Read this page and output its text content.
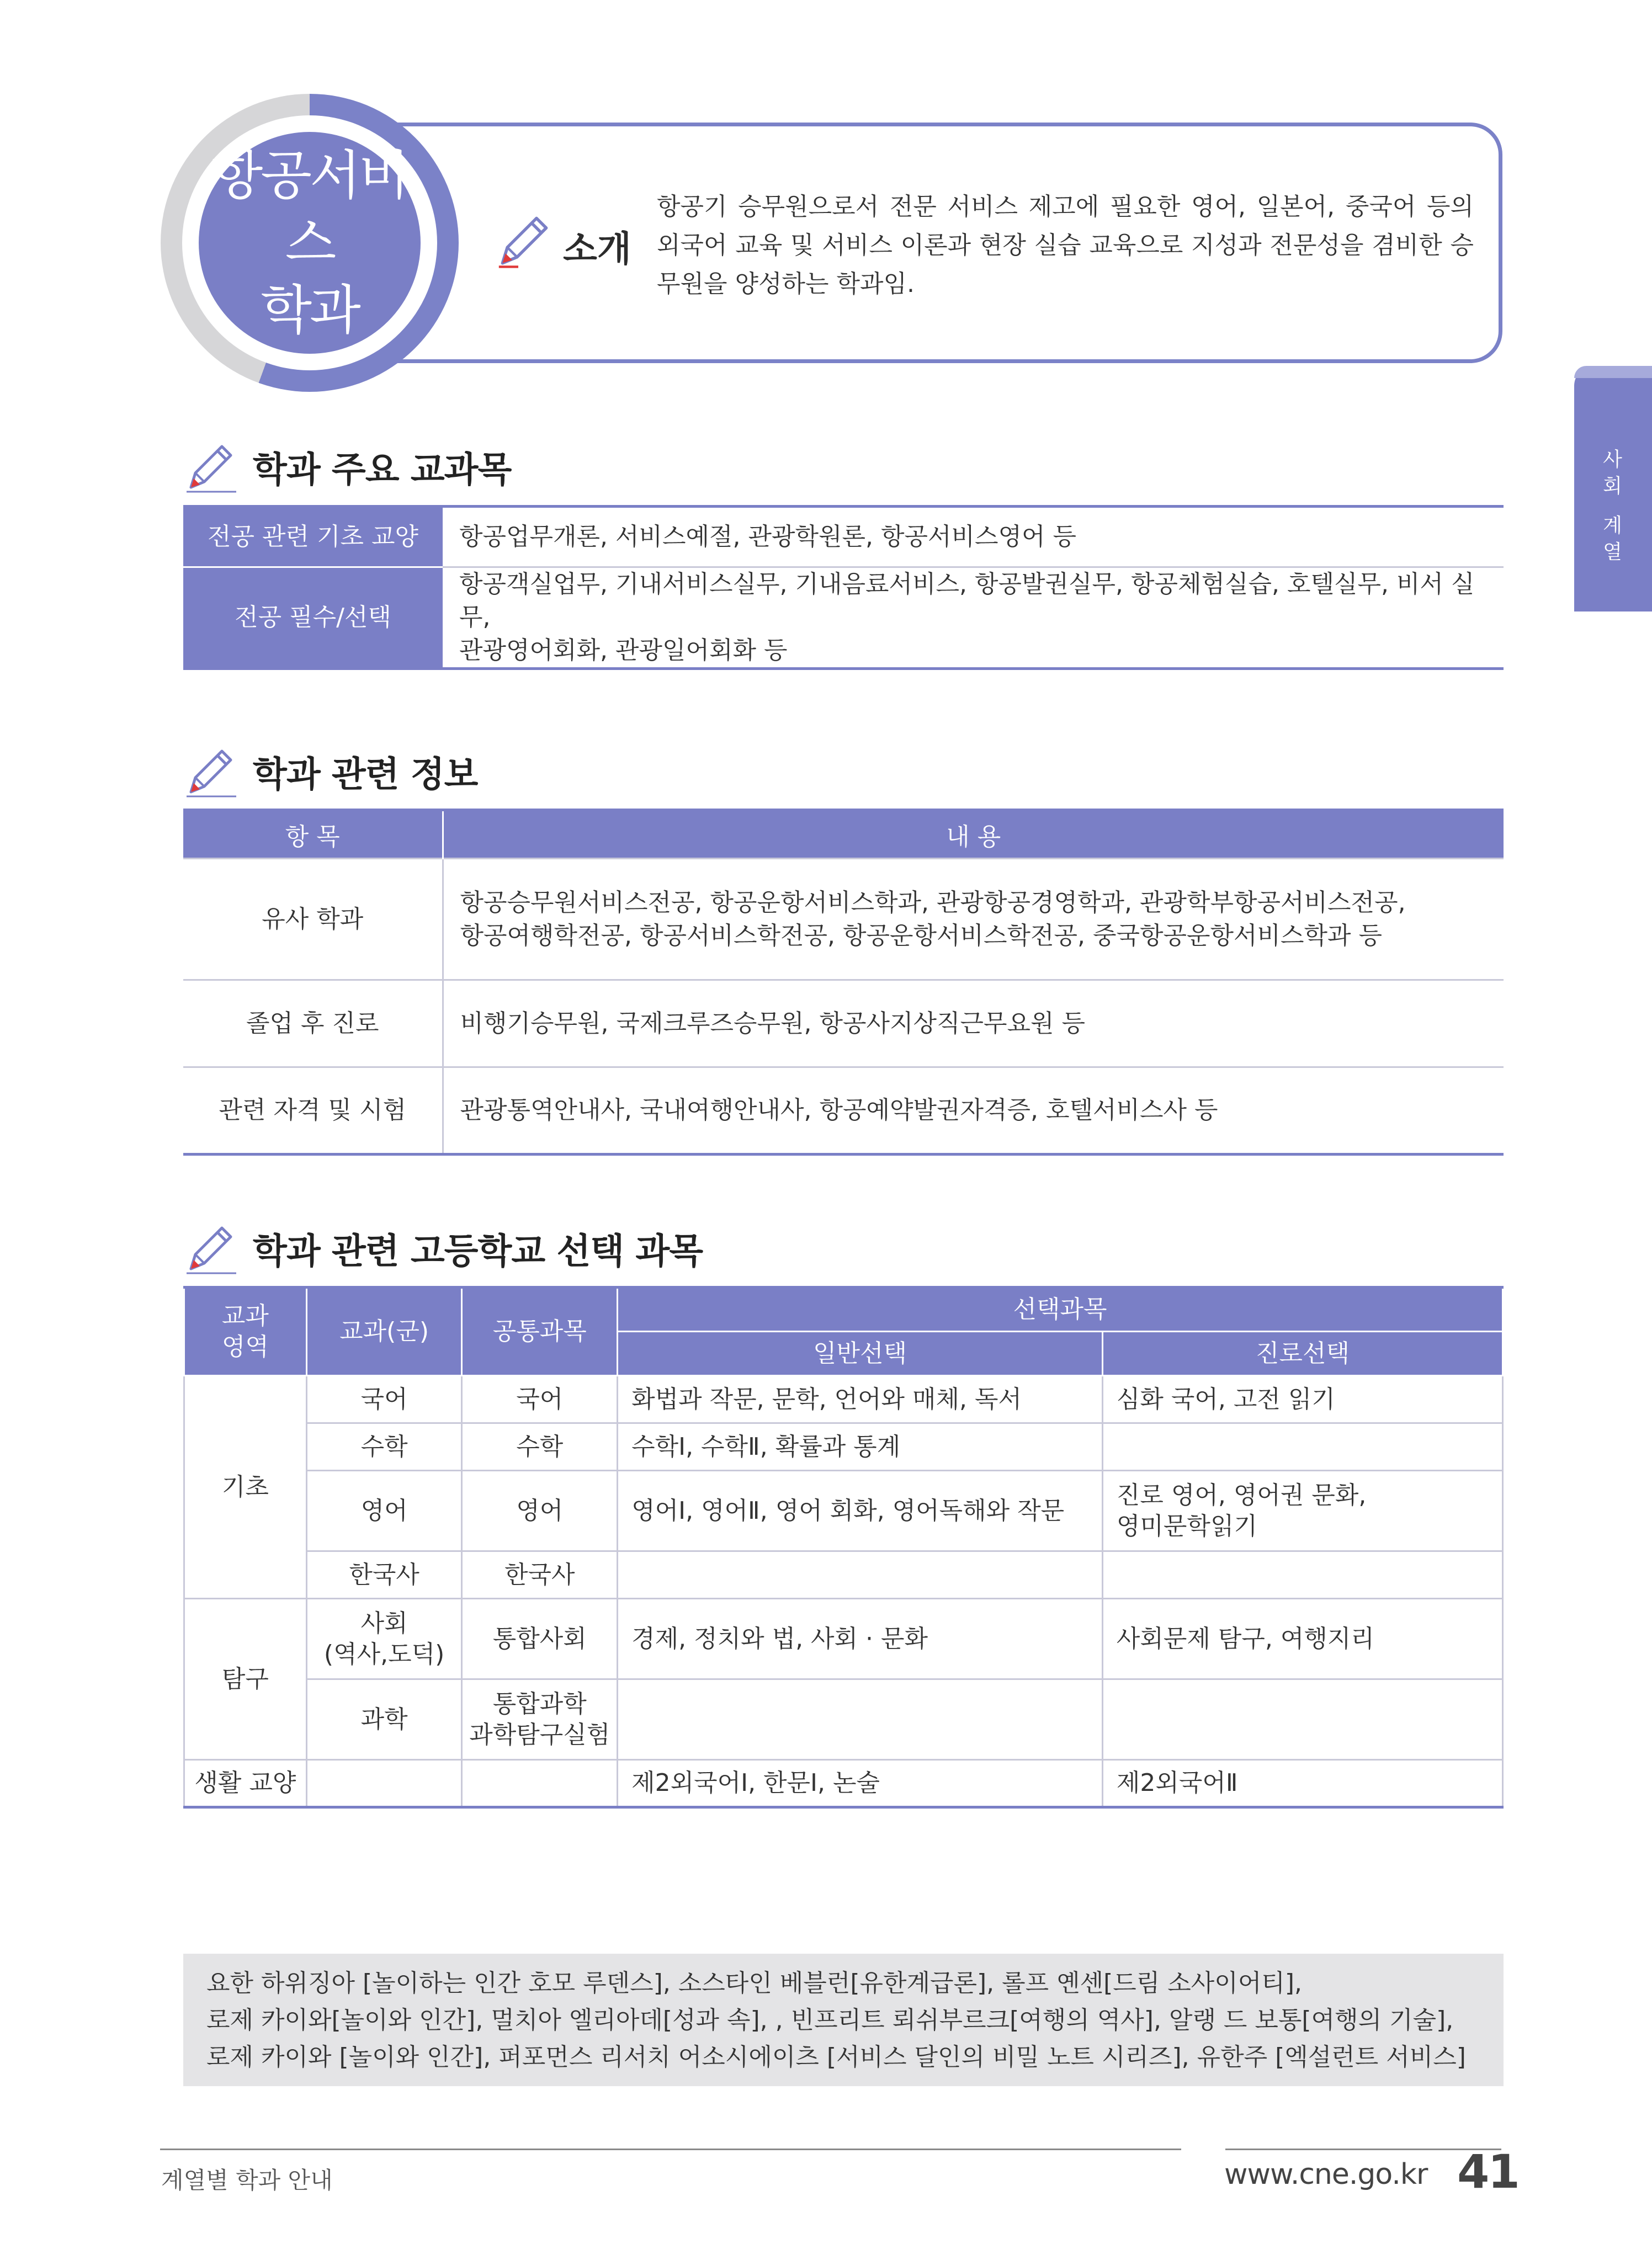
항공서비스
학과
소개
항공기 승무원으로서 전문 서비스 제고에 필요한 영어, 일본어, 중국어 등의 외국어 교육 및 서비스 이론과 현장 실습 교육으로 지성과 전문성을 겸비한 승무원을 양성하는 학과임.
사회 계열
학과 주요 교과목
전공 관련 기초 교양	항공업무개론, 서비스예절, 관광학원론, 항공서비스영어 등
전공 필수/선택	항공객실업무, 기내서비스실무, 기내음료서비스, 항공발권실무, 항공체험실습, 호텔실무, 비서 실무,
관광영어회화, 관광일어회화 등
학과 관련 정보
항 목	내 용
유사 학과	항공승무원서비스전공, 항공운항서비스학과, 관광항공경영학과, 관광학부항공서비스전공,
항공여행학전공, 항공서비스학전공, 항공운항서비스학전공, 중국항공운항서비스학과 등

졸업 후 진로	비행기승무원, 국제크루즈승무원, 항공사지상직근무요원 등
관련 자격 및 시험	관광통역안내사, 국내여행안내사, 항공예약발권자격증, 호텔서비스사 등
학과 관련 고등학교 선택 과목
교과
영역	교과(군)	공통과목	선택과목	
			일반선택	진로선택
기초	국어	국어	화법과 작문, 문학, 언어와 매체, 독서	심화 국어, 고전 읽기
	수학	수학	수학Ⅰ, 수학Ⅱ, 확률과 통계	
	영어	영어	영어Ⅰ, 영어Ⅱ, 영어 회화, 영어독해와 작문	진로 영어, 영어권 문화,
영미문학읽기

	한국사	한국사		
탐구	사회
(역사,도덕)	통합사회	경제, 정치와 법, 사회 · 문화	사회문제 탐구, 여행지리
	과학	통합과학
과학탐구실험		

생활 교양			제2외국어Ⅰ, 한문Ⅰ, 논술	제2외국어Ⅱ
요한 하위징아 [놀이하는 인간 호모 루덴스], 소스타인 베블런[유한계급론], 롤프 옌센[드림 소사이어티],
로제 카이와[놀이와 인간], 멀치아 엘리아데[성과 속], , 빈프리트 뢰쉬부르크[여행의 역사], 알랭 드 보통[여행의 기술],
로제 카이와 [놀이와 인간], 퍼포먼스 리서치 어소시에이츠 [서비스 달인의 비밀 노트 시리즈], 유한주 [엑설런트 서비스]
계열별 학과 안내	www.cne.go.kr 41
